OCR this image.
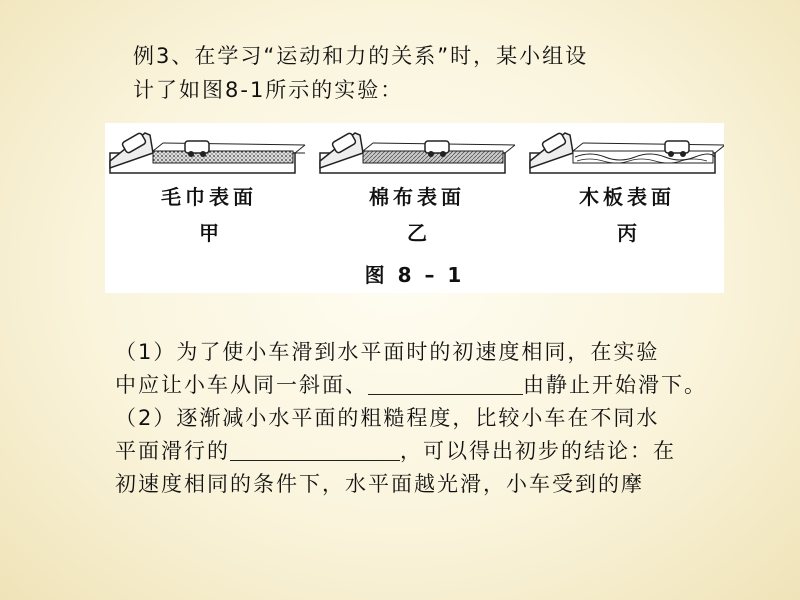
例3、在学习“运动和力的关系”时，某小组设
计了如图8-1所示的实验：
毛巾表面
甲
棉布表面
乙
木板表面
丙
图 8 – 1
（1）为了使小车滑到水平面时的初速度相同，在实验
中应让小车从同一斜面、	由静止开始滑下。
（2）逐渐减小水平面的粗糙程度，比较小车在不同水
平面滑行的	，可以得出初步的结论：在
初速度相同的条件下，水平面越光滑，小车受到的摩
